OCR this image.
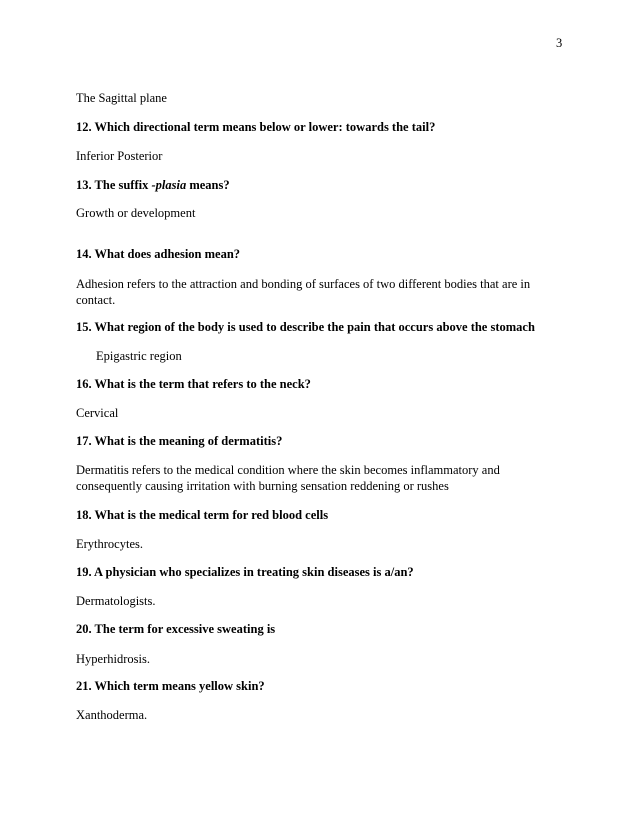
3
The Sagittal plane
12. Which directional term means below or lower: towards the tail?
Inferior Posterior
13. The suffix -plasia means?
Growth or development
14. What does adhesion mean?
Adhesion refers to the attraction and bonding of surfaces of two different bodies that are in
contact.
15. What region of the body is used to describe the pain that occurs above the stomach
Epigastric region
16. What is the term that refers to the neck?
Cervical
17. What is the meaning of dermatitis?
Dermatitis refers to the medical condition where the skin becomes inflammatory and
consequently causing irritation with burning sensation reddening or rushes
18. What is the medical term for red blood cells
Erythrocytes.
19. A physician who specializes in treating skin diseases is a/an?
Dermatologists.
20. The term for excessive sweating is
Hyperhidrosis.
21. Which term means yellow skin?
Xanthoderma.
